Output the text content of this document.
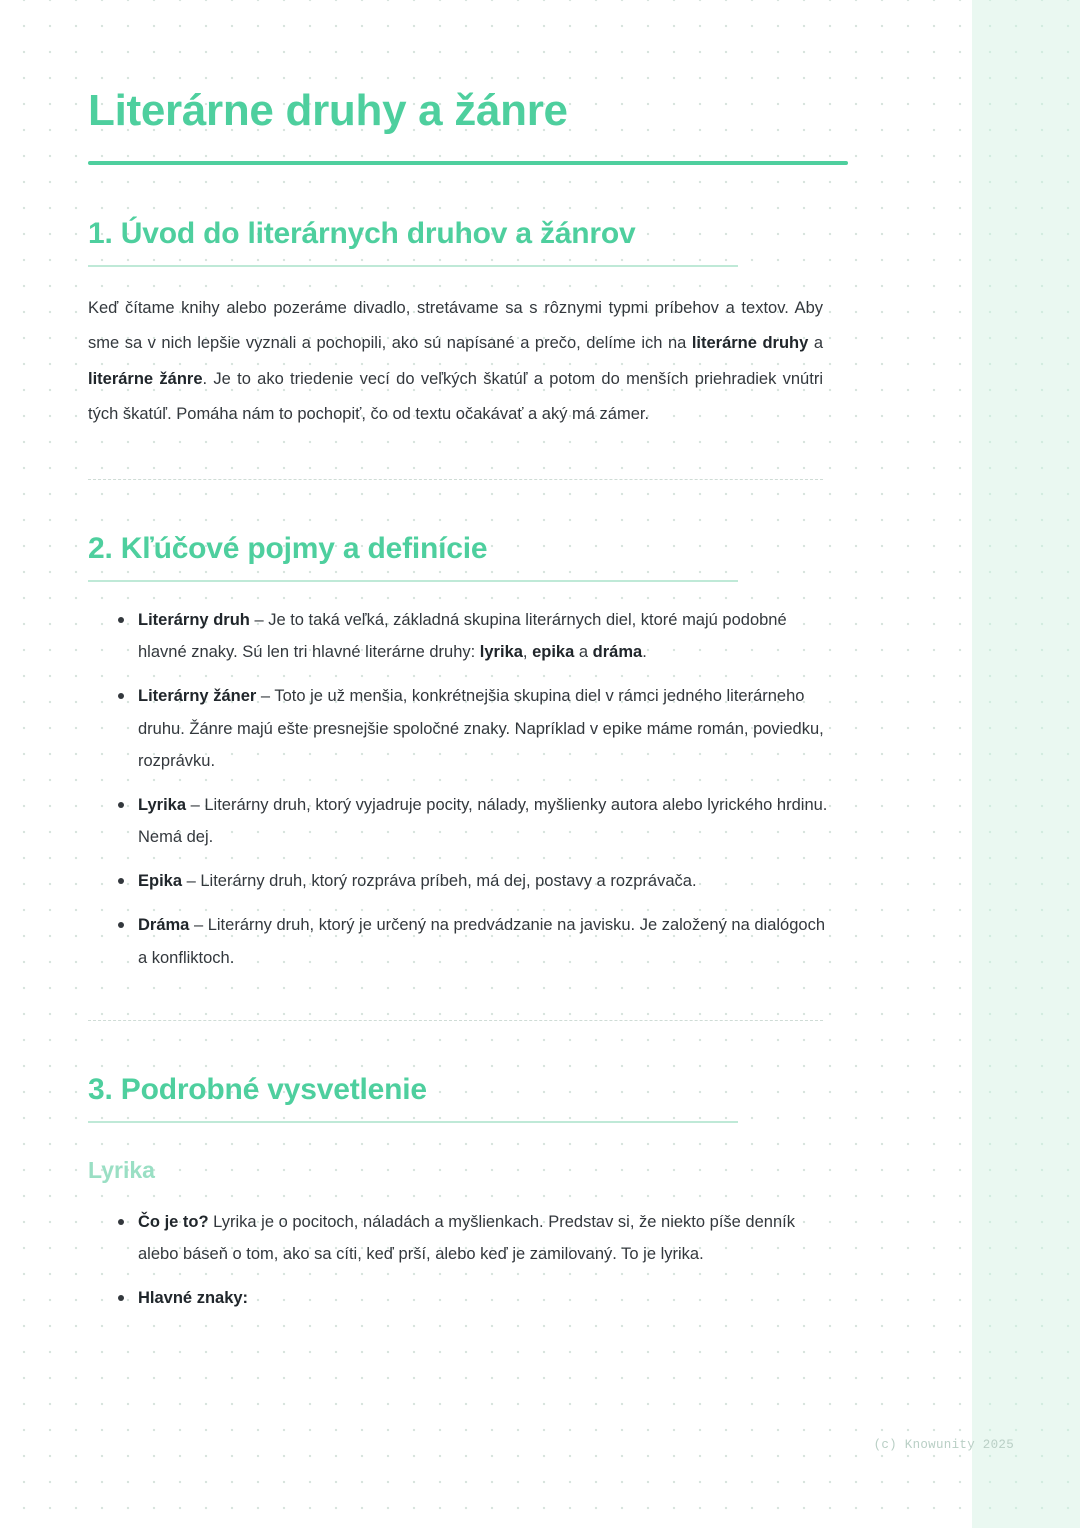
Literárne druhy a žánre
1. Úvod do literárnych druhov a žánrov

Keď čítame knihy alebo pozeráme divadlo, stretávame sa s rôznymi typmi príbehov a textov. Aby sme sa v nich lepšie vyznali a pochopili, ako sú napísané a prečo, delíme ich na literárne druhy a literárne žánre. Je to ako triedenie vecí do veľkých škatúľ a potom do menších priehradiek vnútri tých škatúľ. Pomáha nám to pochopiť, čo od textu očakávať a aký má zámer.

2. Kľúčové pojmy a definície
Literárny druh – Je to taká veľká, základná skupina literárnych diel, ktoré majú podobné hlavné znaky. Sú len tri hlavné literárne druhy: lyrika, epika a dráma.
Literárny žáner – Toto je už menšia, konkrétnejšia skupina diel v rámci jedného literárneho druhu. Žánre majú ešte presnejšie spoločné znaky. Napríklad v epike máme román, poviedku, rozprávku.
Lyrika – Literárny druh, ktorý vyjadruje pocity, nálady, myšlienky autora alebo lyrického hrdinu. Nemá dej.
Epika – Literárny druh, ktorý rozpráva príbeh, má dej, postavy a rozprávača.
Dráma – Literárny druh, ktorý je určený na predvádzanie na javisku. Je založený na dialógoch a konfliktoch.
3. Podrobné vysvetlenie
Lyrika
Čo je to? Lyrika je o pocitoch, náladách a myšlienkach. Predstav si, že niekto píše denník alebo báseň o tom, ako sa cíti, keď prší, alebo keď je zamilovaný. To je lyrika.
Hlavné znaky:
(c) Knowunity 2025
